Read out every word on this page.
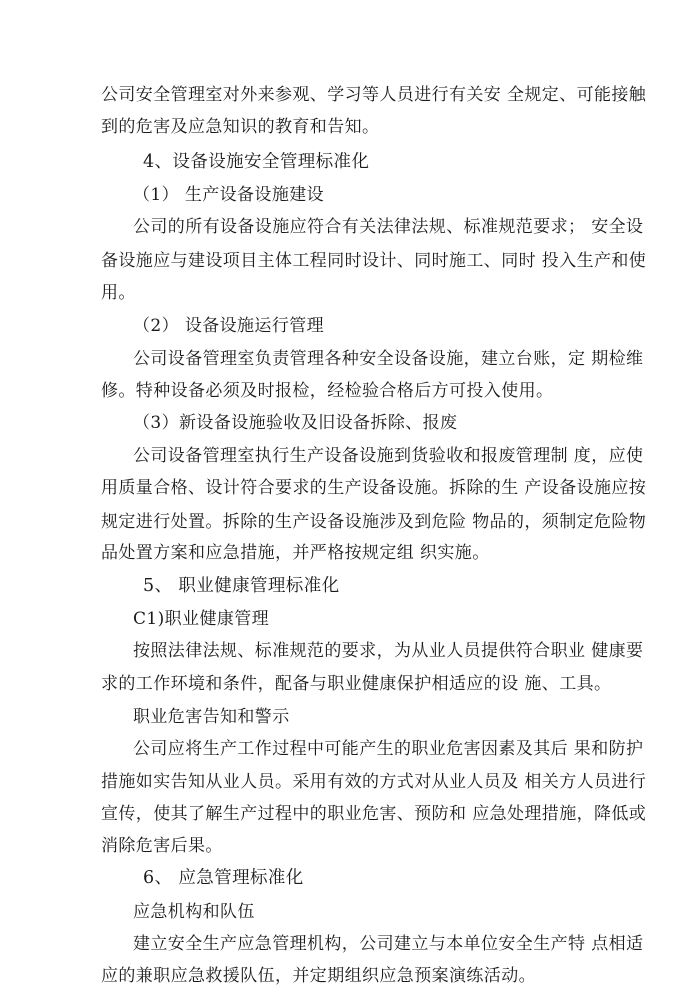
公司安全管理室对外来参观、学习等人员进行有关安 全规定、可能接触
到的危害及应急知识的教育和告知。
4、设备设施安全管理标准化
（1） 生产设备设施建设
公司的所有设备设施应符合有关法律法规、标准规范要求； 安全设
备设施应与建设项目主体工程同时设计、同时施工、同时 投入生产和使
用。
（2） 设备设施运行管理
公司设备管理室负责管理各种安全设备设施，建立台账，定 期检维
修。特种设备必须及时报检，经检验合格后方可投入使用。
（3）新设备设施验收及旧设备拆除、报废
公司设备管理室执行生产设备设施到货验收和报废管理制 度，应使
用质量合格、设计符合要求的生产设备设施。拆除的生 产设备设施应按
规定进行处置。拆除的生产设备设施涉及到危险 物品的，须制定危险物
品处置方案和应急措施，并严格按规定组 织实施。
5、 职业健康管理标准化
C1)职业健康管理
按照法律法规、标准规范的要求，为从业人员提供符合职业 健康要
求的工作环境和条件，配备与职业健康保护相适应的设 施、工具。
职业危害告知和警示
公司应将生产工作过程中可能产生的职业危害因素及其后 果和防护
措施如实告知从业人员。采用有效的方式对从业人员及 相关方人员进行
宣传，使其了解生产过程中的职业危害、预防和 应急处理措施，降低或
消除危害后果。
6、 应急管理标准化
应急机构和队伍
建立安全生产应急管理机构，公司建立与本单位安全生产特 点相适
应的兼职应急救援队伍，并定期组织应急预案演练活动。
